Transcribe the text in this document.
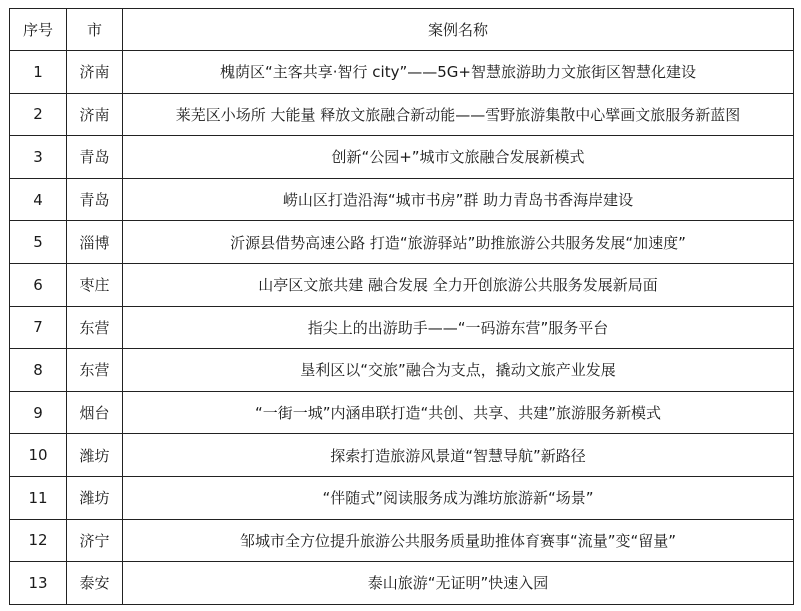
序号	市	案例名称
1	济南	槐荫区“主客共享·智行 city”——5G+智慧旅游助力文旅街区智慧化建设
2	济南	莱芜区小场所 大能量 释放文旅融合新动能——雪野旅游集散中心擘画文旅服务新蓝图
3	青岛	创新“公园+”城市文旅融合发展新模式
4	青岛	崂山区打造沿海“城市书房”群 助力青岛书香海岸建设
5	淄博	沂源县借势高速公路 打造“旅游驿站”助推旅游公共服务发展“加速度”
6	枣庄	山亭区文旅共建 融合发展 全力开创旅游公共服务发展新局面
7	东营	指尖上的出游助手——“一码游东营”服务平台
8	东营	垦利区以“交旅”融合为支点，撬动文旅产业发展
9	烟台	“一街一城”内涵串联打造“共创、共享、共建”旅游服务新模式
10	潍坊	探索打造旅游风景道“智慧导航”新路径
11	潍坊	“伴随式”阅读服务成为潍坊旅游新“场景”
12	济宁	邹城市全方位提升旅游公共服务质量助推体育赛事“流量”变“留量”
13	泰安	泰山旅游“无证明”快速入园
